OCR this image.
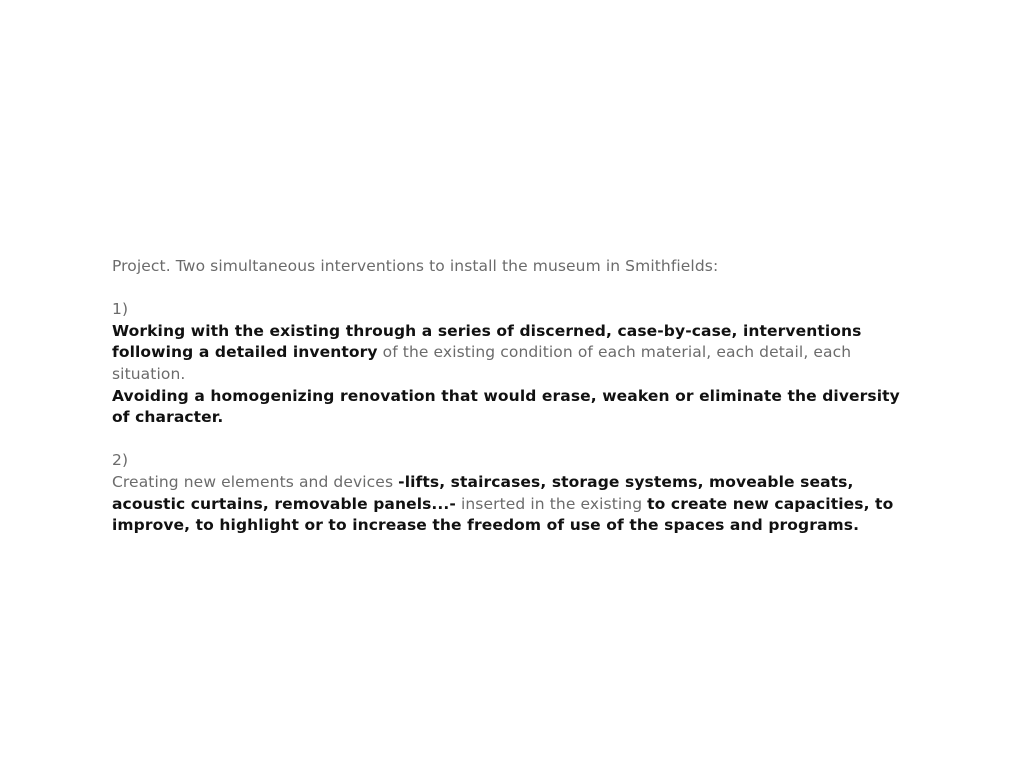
Project. Two simultaneous interventions to install the museum in Smithfields:

1)

Working with the existing through a series of discerned, case-by-case, interventions following a detailed inventory of the existing condition of each material, each detail, each situation.

Avoiding a homogenizing renovation that would erase, weaken or eliminate the diversity of character.

2)

Creating new elements and devices -lifts, staircases, storage systems, moveable seats, acoustic curtains, removable panels...- inserted in the existing to create new capacities, to improve, to highlight or to increase the freedom of use of the spaces and programs.
